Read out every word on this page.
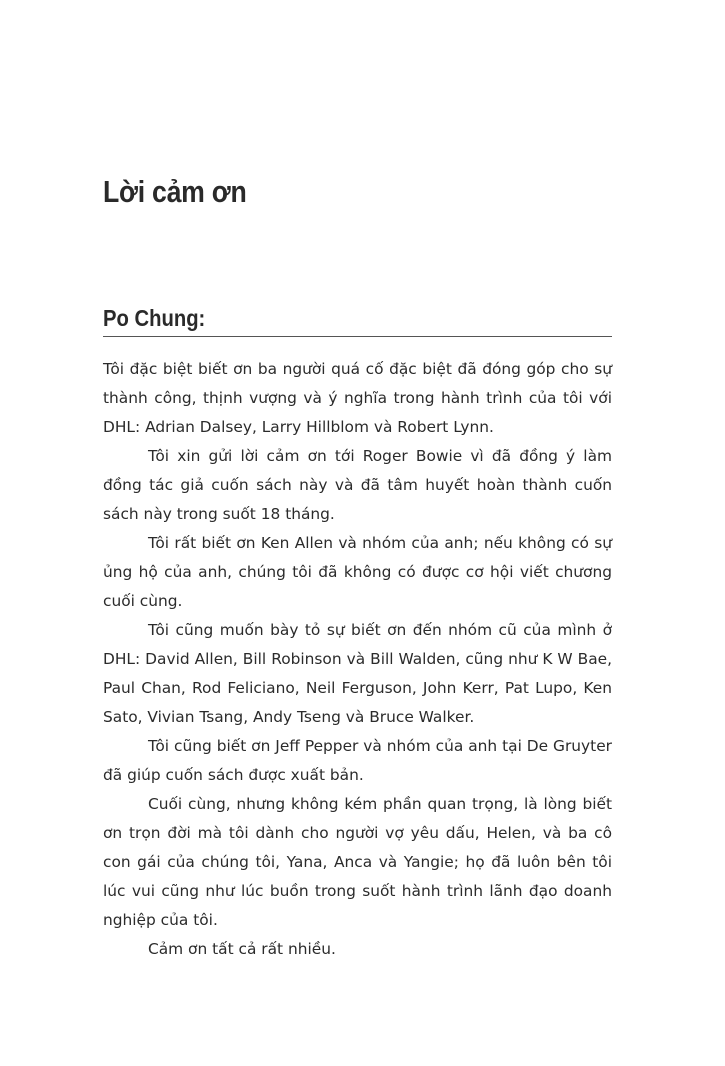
Lời cảm ơn
Po Chung:

Tôi đặc biệt biết ơn ba người quá cố đặc biệt đã đóng góp cho sự thành công, thịnh vượng và ý nghĩa trong hành trình của tôi với DHL: Adrian Dalsey, Larry Hillblom và Robert Lynn.

Tôi xin gửi lời cảm ơn tới Roger Bowie vì đã đồng ý làm đồng tác giả cuốn sách này và đã tâm huyết hoàn thành cuốn sách này trong suốt 18 tháng.

Tôi rất biết ơn Ken Allen và nhóm của anh; nếu không có sự ủng hộ của anh, chúng tôi đã không có được cơ hội viết chương cuối cùng.

Tôi cũng muốn bày tỏ sự biết ơn đến nhóm cũ của mình ở DHL: David Allen, Bill Robinson và Bill Walden, cũng như K W Bae, Paul Chan, Rod Feliciano, Neil Ferguson, John Kerr, Pat Lupo, Ken Sato, Vivian Tsang, Andy Tseng và Bruce Walker.

Tôi cũng biết ơn Jeff Pepper và nhóm của anh tại De Gruyter đã giúp cuốn sách được xuất bản.

Cuối cùng, nhưng không kém phần quan trọng, là lòng biết ơn trọn đời mà tôi dành cho người vợ yêu dấu, Helen, và ba cô con gái của chúng tôi, Yana, Anca và Yangie; họ đã luôn bên tôi lúc vui cũng như lúc buồn trong suốt hành trình lãnh đạo doanh nghiệp của tôi.

Cảm ơn tất cả rất nhiều.
